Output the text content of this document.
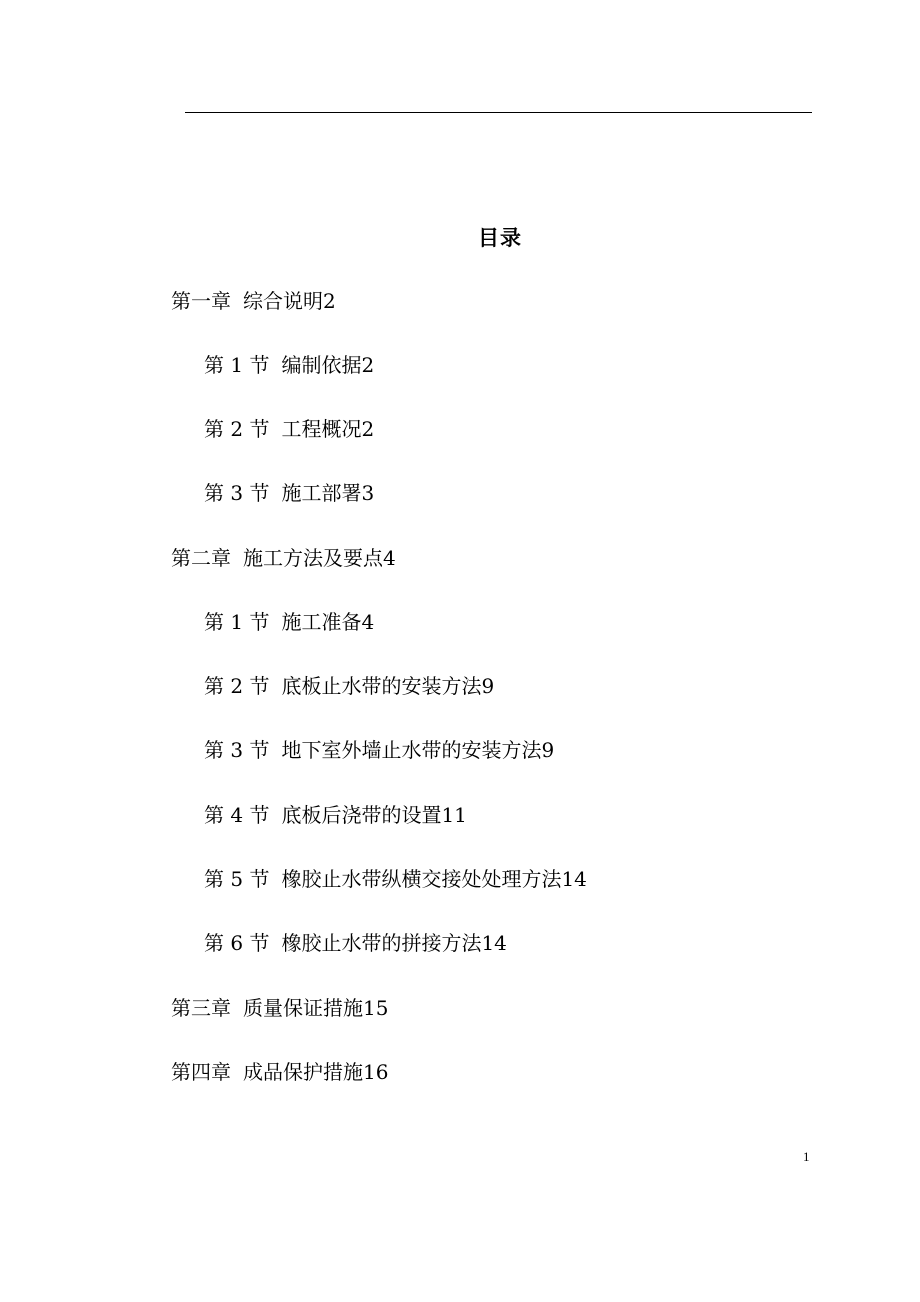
目录
第一章 综合说明2
第 1 节 编制依据2
第 2 节 工程概况2
第 3 节 施工部署3
第二章 施工方法及要点4
第 1 节 施工准备4
第 2 节 底板止水带的安装方法9
第 3 节 地下室外墙止水带的安装方法9
第 4 节 底板后浇带的设置11
第 5 节 橡胶止水带纵横交接处处理方法14
第 6 节 橡胶止水带的拼接方法14
第三章 质量保证措施15
第四章 成品保护措施16
1
